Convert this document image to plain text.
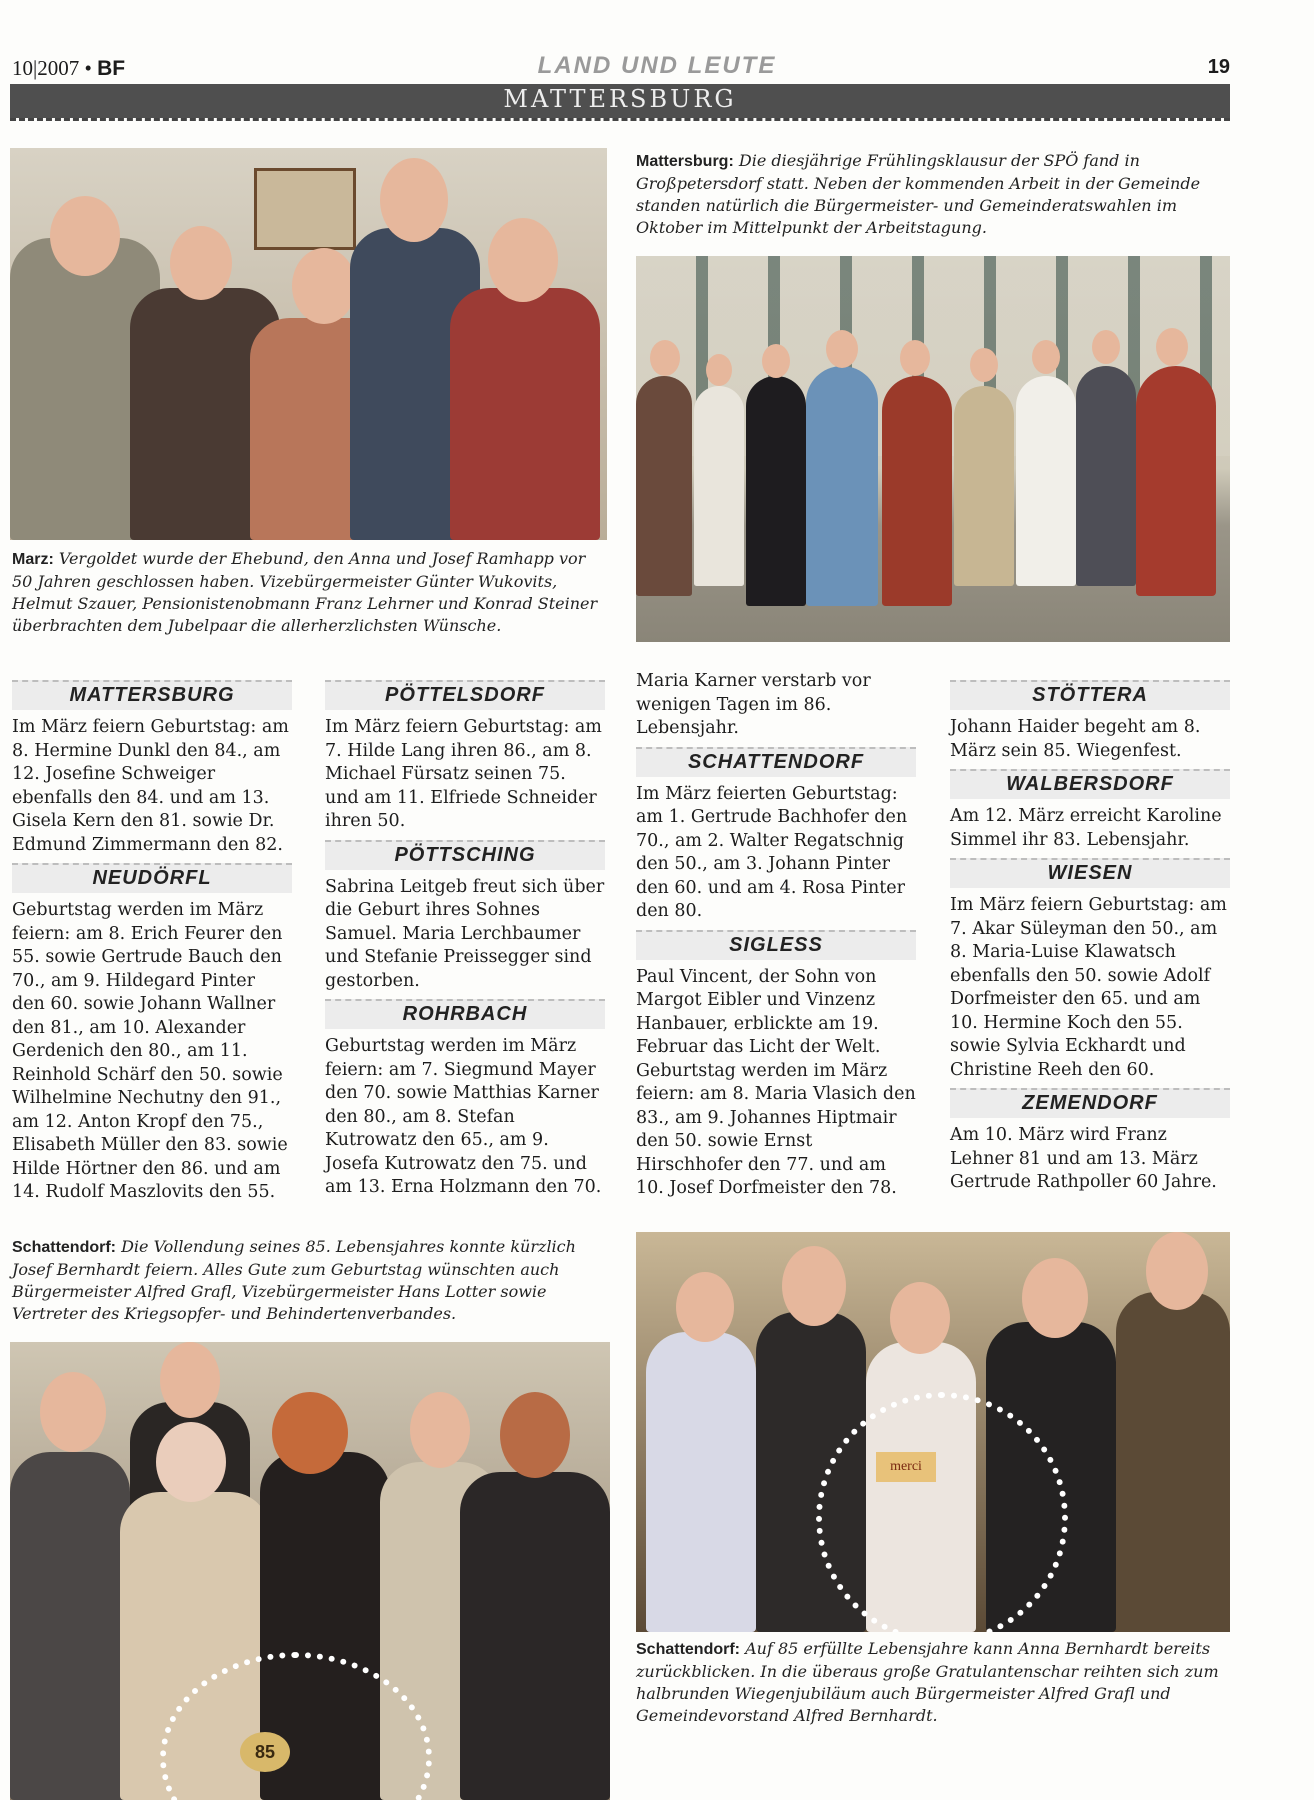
10|2007 • BF	LAND UND LEUTE	19
MATTERSBURG
Marz: Vergoldet wurde der Ehebund, den Anna und Josef Ramhapp vor 50 Jahren geschlossen haben. Vizebürgermeister Günter Wukovits, Helmut Szauer, Pensionistenobmann Franz Lehrner und Konrad Steiner überbrachten dem Jubelpaar die allerherzlichsten Wünsche.
Mattersburg: Die diesjährige Frühlingsklausur der SPÖ fand in Großpetersdorf statt. Neben der kommenden Arbeit in der Gemeinde standen natürlich die Bürgermeister- und Gemeinderatswahlen im Oktober im Mittelpunkt der Arbeitstagung.
MATTERSBURG

Im März feiern Geburtstag: am 8. Hermine Dunkl den 84., am 12. Josefine Schweiger ebenfalls den 84. und am 13. Gisela Kern den 81. sowie Dr. Edmund Zimmermann den 82.

NEUDÖRFL

Geburtstag werden im März feiern: am 8. Erich Feurer den 55. sowie Gertrude Bauch den 70., am 9. Hildegard Pinter den 60. sowie Johann Wallner den 81., am 10. Alexander Gerdenich den 80., am 11. Reinhold Schärf den 50. sowie Wilhelmine Nechutny den 91., am 12. Anton Kropf den 75., Elisabeth Müller den 83. sowie Hilde Hörtner den 86. und am 14. Rudolf Maszlovits den 55.

PÖTTELSDORF

Im März feiern Geburtstag: am 7. Hilde Lang ihren 86., am 8. Michael Fürsatz seinen 75. und am 11. Elfriede Schneider ihren 50.

PÖTTSCHING

Sabrina Leitgeb freut sich über die Geburt ihres Sohnes Samuel. Maria Lerchbaumer und Stefanie Preissegger sind gestorben.

ROHRBACH

Geburtstag werden im März feiern: am 7. Siegmund Mayer den 70. sowie Matthias Karner den 80., am 8. Stefan Kutrowatz den 65., am 9. Josefa Kutrowatz den 75. und am 13. Erna Holzmann den 70.

Maria Karner verstarb vor wenigen Tagen im 86. Lebensjahr.

SCHATTENDORF

Im März feierten Geburtstag: am 1. Gertrude Bachhofer den 70., am 2. Walter Regatschnig den 50., am 3. Johann Pinter den 60. und am 4. Rosa Pinter den 80.

SIGLESS

Paul Vincent, der Sohn von Margot Eibler und Vinzenz Hanbauer, erblickte am 19. Februar das Licht der Welt. Geburtstag werden im März feiern: am 8. Maria Vlasich den 83., am 9. Johannes Hiptmair den 50. sowie Ernst Hirschhofer den 77. und am 10. Josef Dorfmeister den 78.

STÖTTERA

Johann Haider begeht am 8. März sein 85. Wiegenfest.

WALBERSDORF

Am 12. März erreicht Karoline Simmel ihr 83. Lebensjahr.

WIESEN

Im März feiern Geburtstag: am 7. Akar Süleyman den 50., am 8. Maria-Luise Klawatsch ebenfalls den 50. sowie Adolf Dorfmeister den 65. und am 10. Hermine Koch den 55. sowie Sylvia Eckhardt und Christine Reeh den 60.

ZEMENDORF

Am 10. März wird Franz Lehner 81 und am 13. März Gertrude Rathpoller 60 Jahre.

Schattendorf: Die Vollendung seines 85. Lebensjahres konnte kürzlich Josef Bernhardt feiern. Alles Gute zum Geburtstag wünschten auch Bürgermeister Alfred Grafl, Vizebürgermeister Hans Lotter sowie Vertreter des Kriegsopfer- und Behindertenverbandes.
85
merci
Schattendorf: Auf 85 erfüllte Lebensjahre kann Anna Bernhardt bereits zurückblicken. In die überaus große Gratulantenschar reihten sich zum halbrunden Wiegenjubiläum auch Bürgermeister Alfred Grafl und Gemeindevorstand Alfred Bernhardt.
